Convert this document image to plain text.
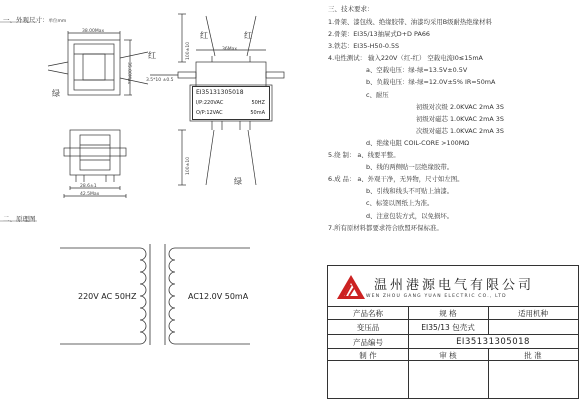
一、外观尺寸：单位mm
二、原理图
38.00Max
35.00Max
红
绿
28.6±1
42.5Max
3.5*10 ±0.5
36Max
100±10
100±10
红	红
绿
EI35131305018
I/P:220VAC	50HZ
O/P:12VAC	50mA
220V AC 50HZ	AC12.0V 50mA
三、技术要求：
1.骨架、漆包线、绝缘胶带、油漆均采用B级耐热绝缘材料
2.骨架：EI35/13抽屉式D+D PA66
3.铁芯：EI35-H50-0.5S
4.电性测试： 输入220V（红-红） 空载电流I0≤15mA
a、空载电压：绿-绿=13.5V±0.5V
b、负载电压：绿-绿=12.0V±5% IR=50mA
c、耐压
初级对次级 2.0KVAC 2mA 3S
初级对磁芯 1.0KVAC 2mA 3S
次级对磁芯 1.0KVAC 2mA 3S
d、绝缘电阻 COIL-CORE >100MΩ
5.绕 制： a、线要平整。
b、线的两侧贴一层绝缘胶带。
6.成 品： a、外观干净，无异物，尺寸如左图。
b、引线和线头不可贴上油漆。
c、标签以图纸上为准。
d、注意包装方式，以免损坏。
7.所有原材料都要求符合欧盟环保标准。
温州港源电气有限公司
WEN ZHOU GANG YUAN ELECTRIC CO., LTD
产品名称	规 格	适用机种
变压品	EI35/13 包壳式
产品编号	EI35131305018
制 作	审 核	批 准
